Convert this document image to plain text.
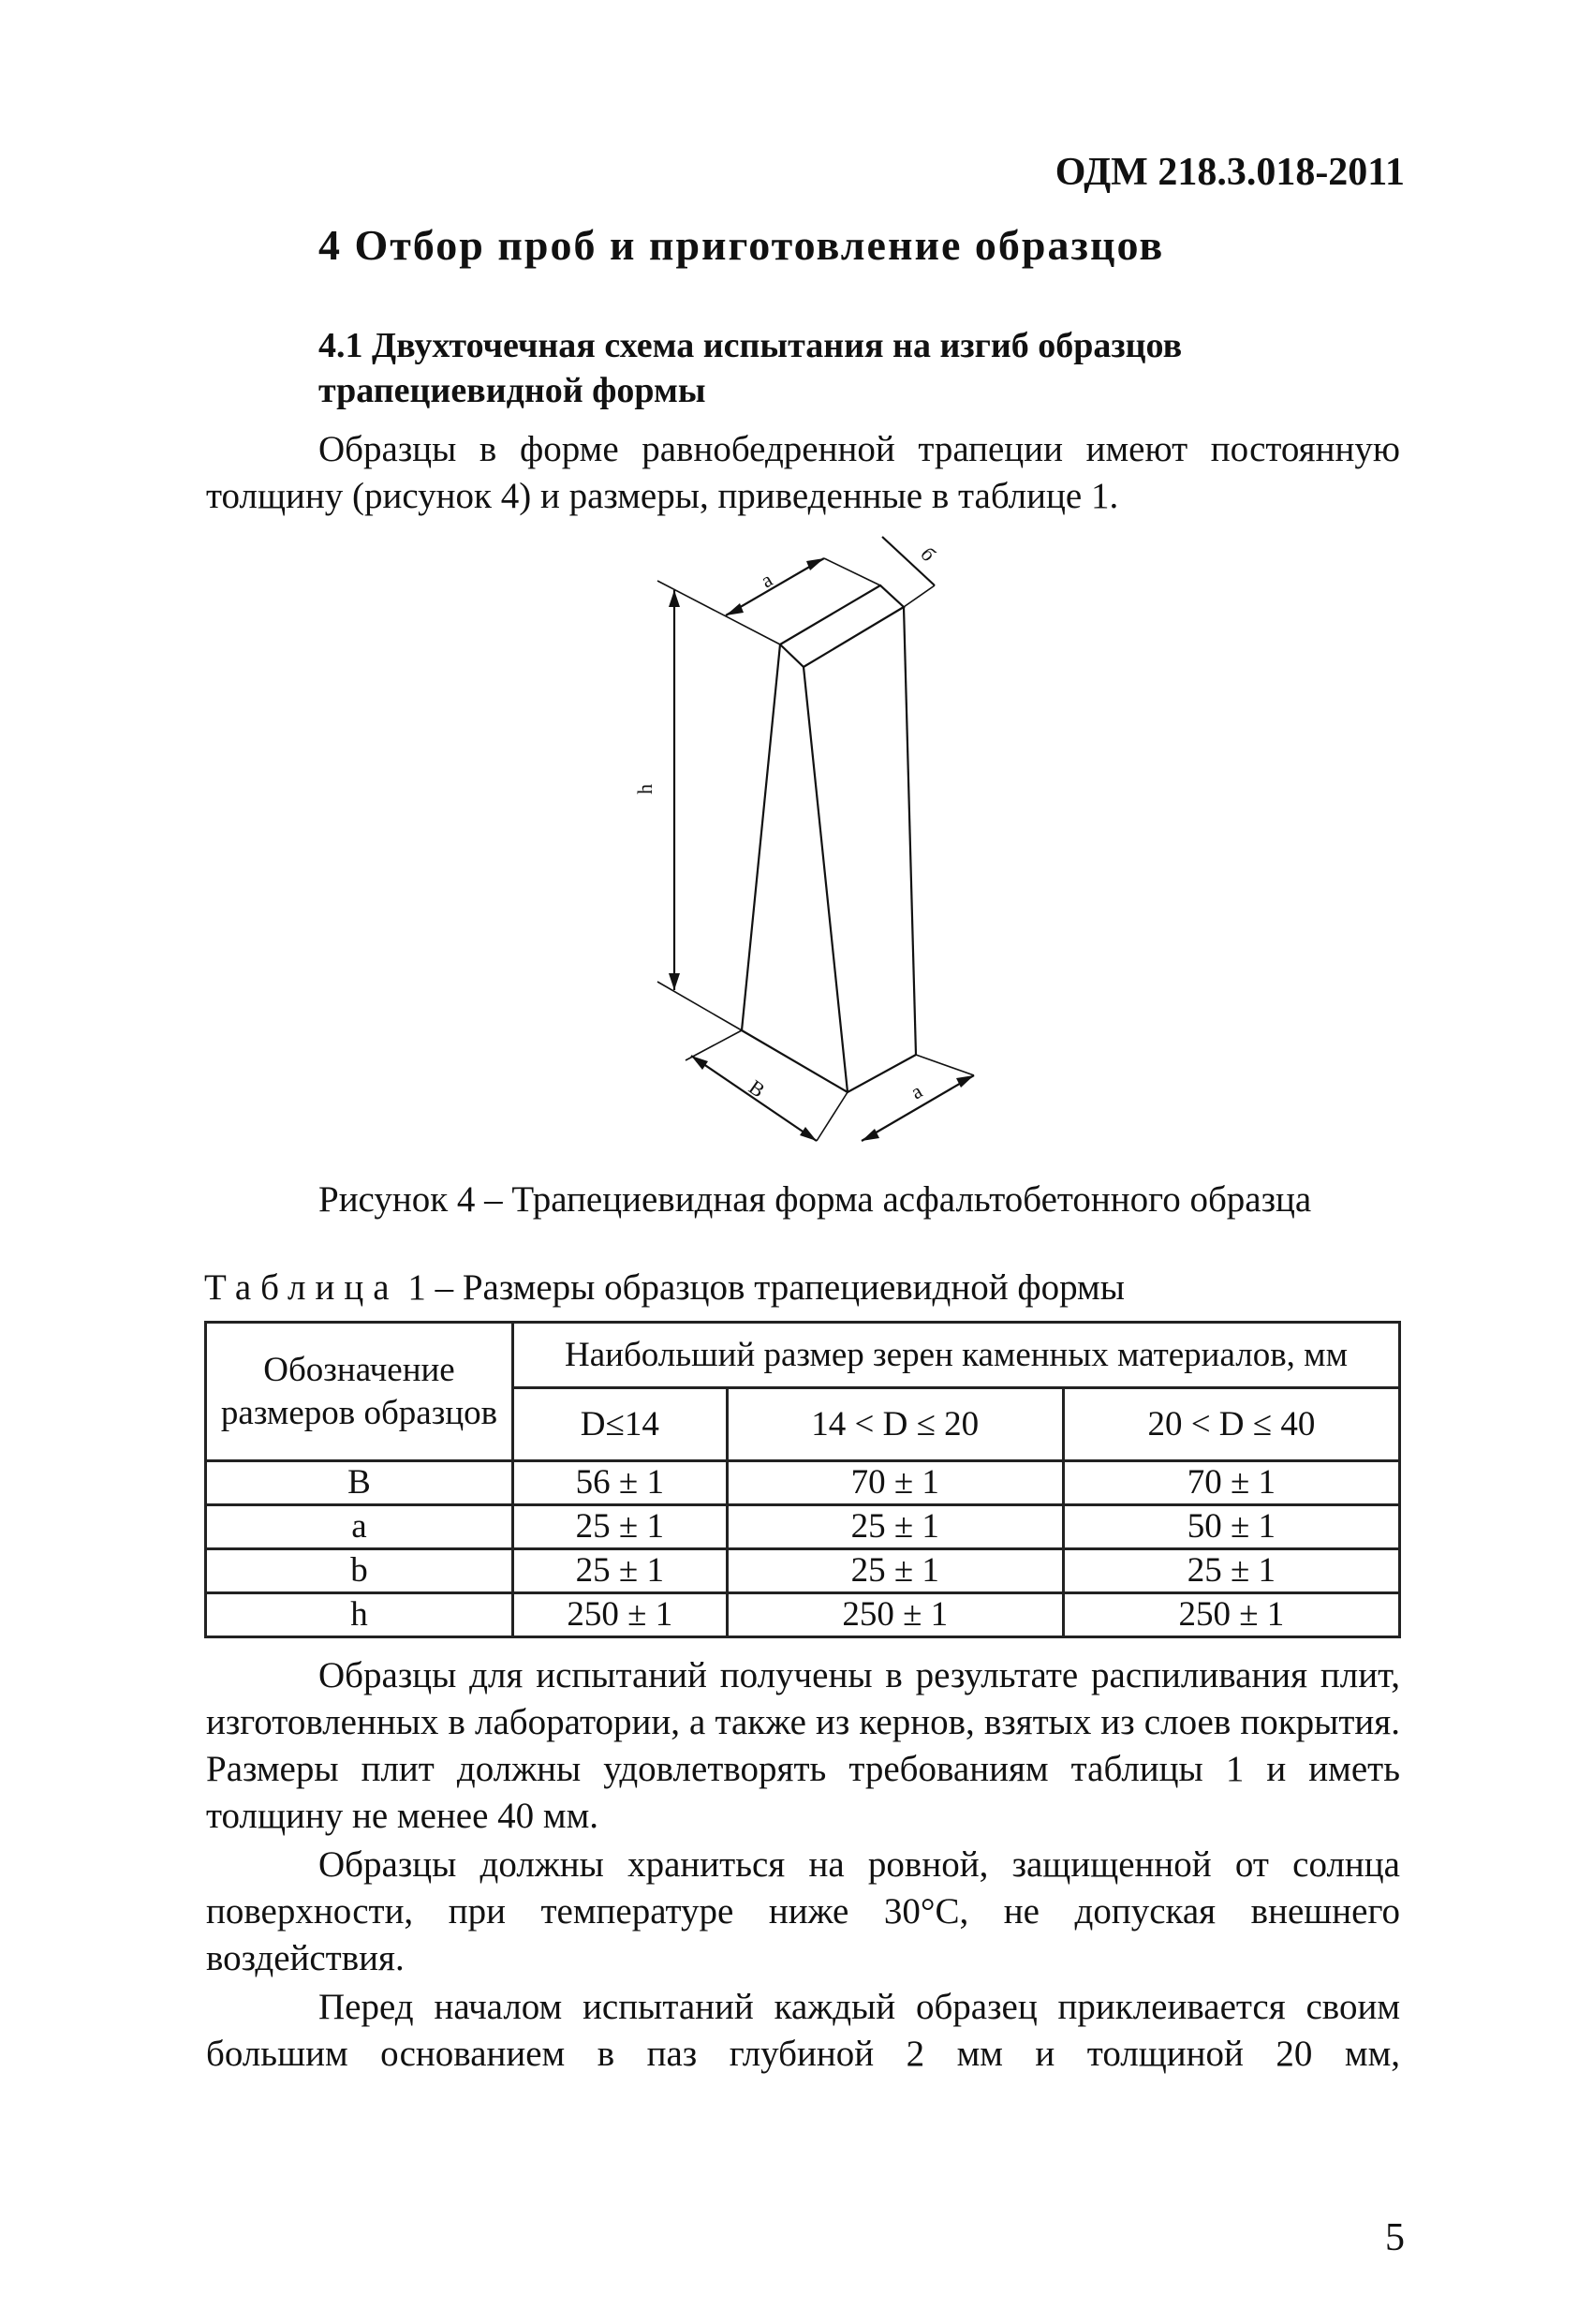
ОДМ 218.3.018-2011
4 Отбор проб и приготовление образцов
4.1 Двухточечная схема испытания на изгиб образцов
трапециевидной формы
Образцы в форме равнобедренной трапеции имеют постоянную
толщину (рисунок 4) и размеры, приведенные в таблице 1.
a
б
h
B	a
Рисунок 4 – Трапециевидная форма асфальтобетонного образца
Таблица 1 – Размеры образцов трапециевидной формы
Обозначение размеров образцов	Наибольший размер зерен каменных материалов, мм		
	D≤14	14 < D ≤ 20	20 < D ≤ 40
B	56 ± 1	70 ± 1	70 ± 1
a	25 ± 1	25 ± 1	50 ± 1
b	25 ± 1	25 ± 1	25 ± 1
h	250 ± 1	250 ± 1	250 ± 1
Образцы для испытаний получены в результате распиливания плит,
изготовленных в лаборатории, а также из кернов, взятых из слоев покрытия.
Размеры плит должны удовлетворять требованиям таблицы 1 и иметь
толщину не менее 40 мм.
Образцы должны храниться на ровной, защищенной от солнца
поверхности, при температуре ниже 30°С, не допуская внешнего
воздействия.
Перед началом испытаний каждый образец приклеивается своим
большим основанием в паз глубиной 2 мм и толщиной 20 мм,
5
